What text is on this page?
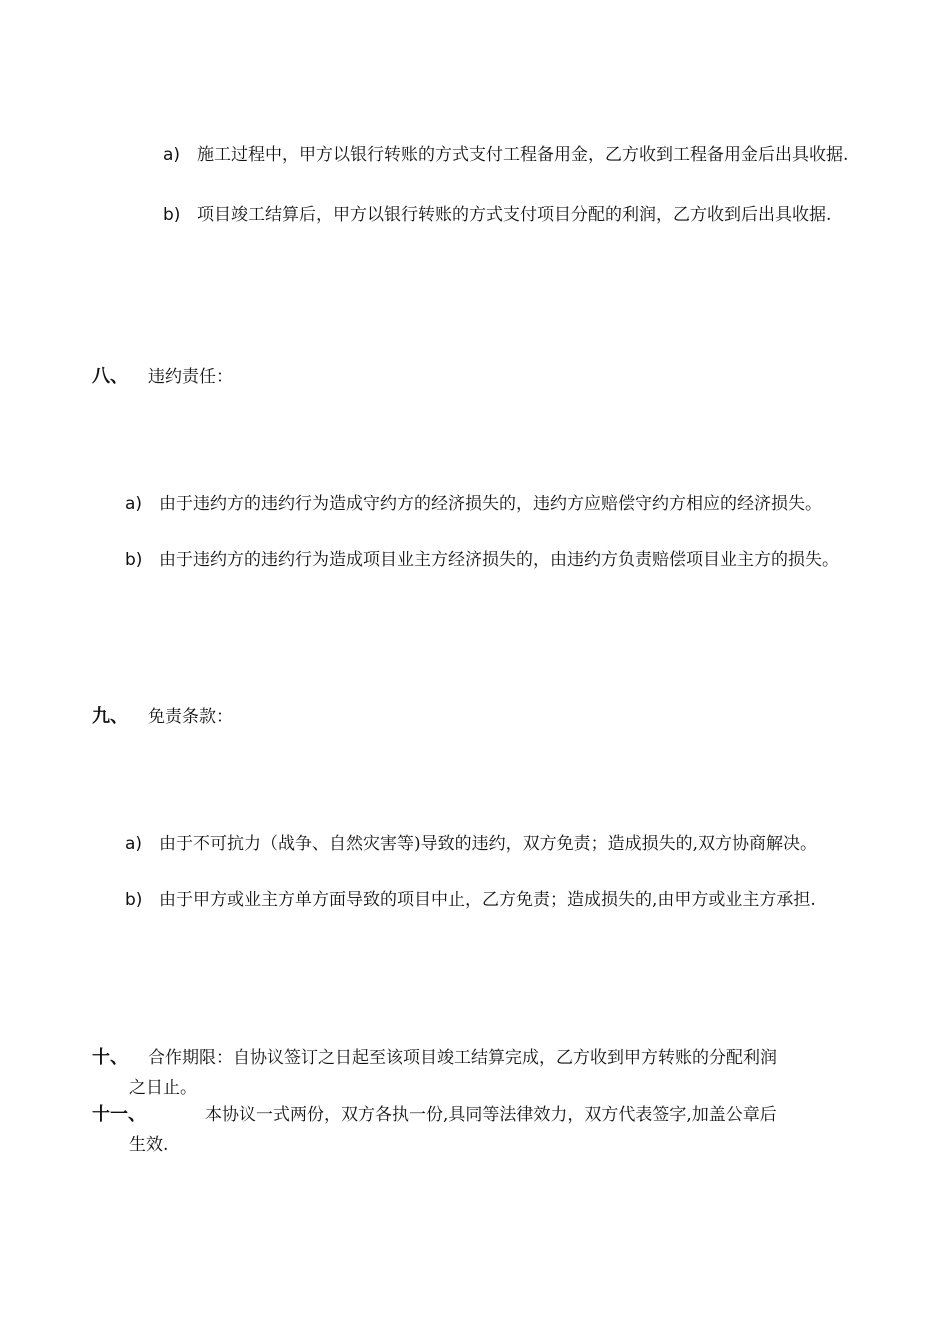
a) 施工过程中，甲方以银行转账的方式支付工程备用金，乙方收到工程备用金后出具收据.
b) 项目竣工结算后，甲方以银行转账的方式支付项目分配的利润，乙方收到后出具收据.
八、 违约责任：
a) 由于违约方的违约行为造成守约方的经济损失的，违约方应赔偿守约方相应的经济损失。
b) 由于违约方的违约行为造成项目业主方经济损失的，由违约方负责赔偿项目业主方的损失。
九、 免责条款：
a) 由于不可抗力（战争、自然灾害等)导致的违约，双方免责；造成损失的,双方协商解决。
b) 由于甲方或业主方单方面导致的项目中止，乙方免责；造成损失的,由甲方或业主方承担.
十、 合作期限：自协议签订之日起至该项目竣工结算完成，乙方收到甲方转账的分配利润
之日止。
十一、	本协议一式两份，双方各执一份,具同等法律效力，双方代表签字,加盖公章后
生效.
